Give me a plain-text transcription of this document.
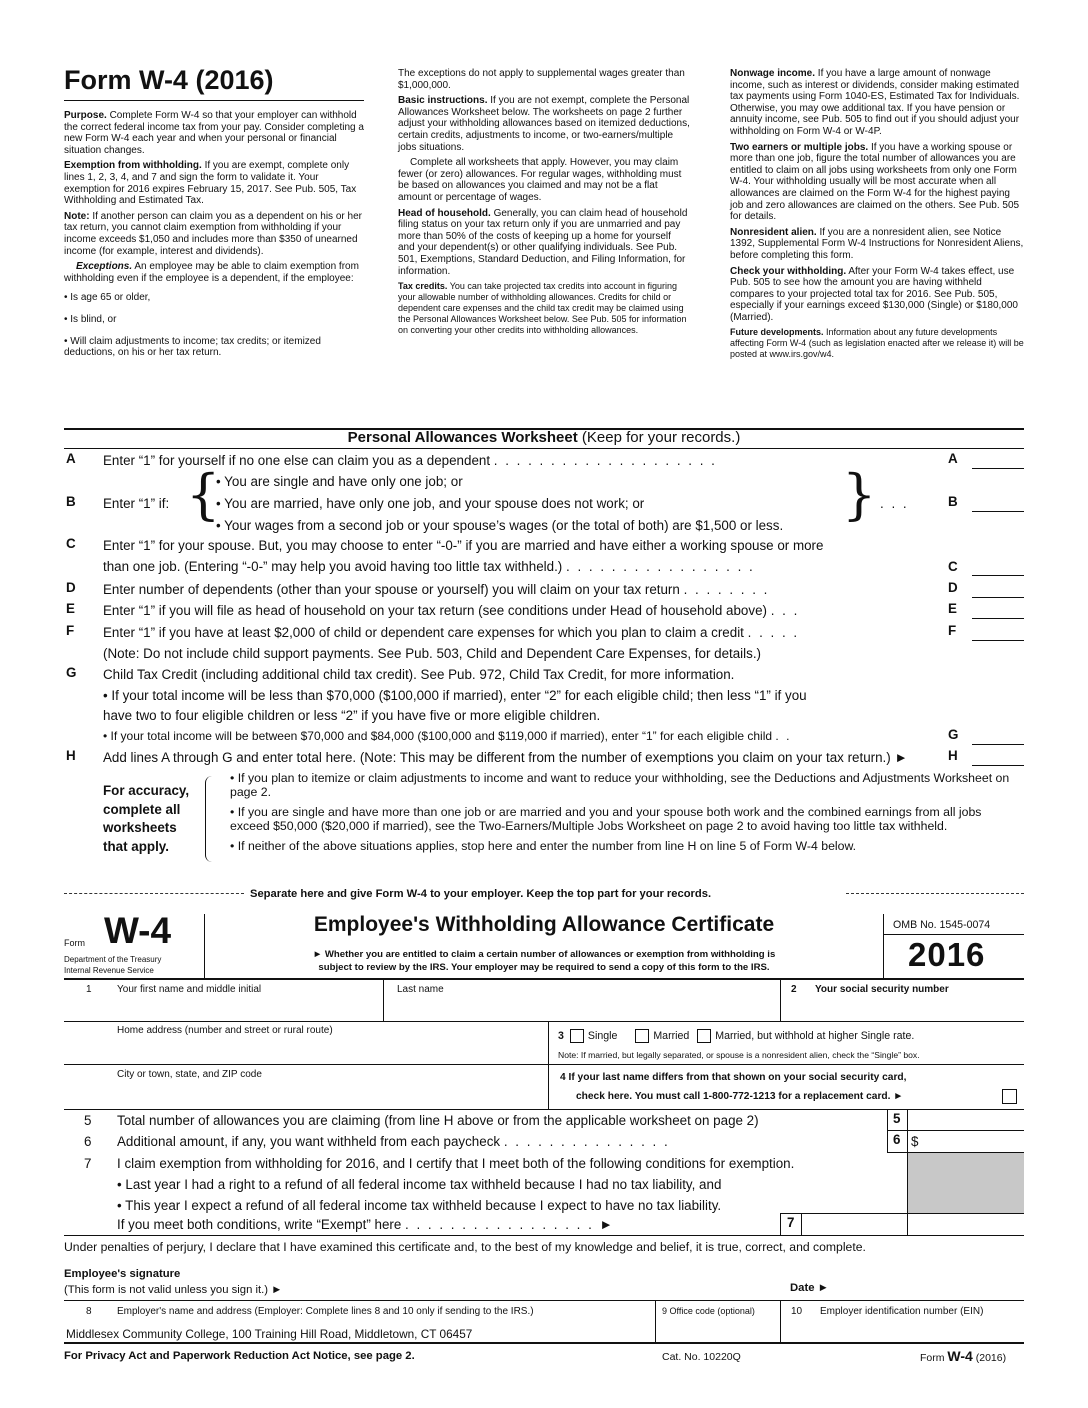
Form W-4 (2016)

Purpose. Complete Form W-4 so that your employer can withhold the correct federal income tax from your pay. Consider completing a new Form W-4 each year and when your personal or financial situation changes.

Exemption from withholding. If you are exempt, complete only lines 1, 2, 3, 4, and 7 and sign the form to validate it. Your exemption for 2016 expires February 15, 2017. See Pub. 505, Tax Withholding and Estimated Tax.

Note: If another person can claim you as a dependent on his or her tax return, you cannot claim exemption from withholding if your income exceeds $1,050 and includes more than $350 of unearned income (for example, interest and dividends).

Exceptions. An employee may be able to claim exemption from withholding even if the employee is a dependent, if the employee:

• Is age 65 or older,

• Is blind, or

• Will claim adjustments to income; tax credits; or itemized deductions, on his or her tax return.

The exceptions do not apply to supplemental wages greater than $1,000,000.

Basic instructions. If you are not exempt, complete the Personal Allowances Worksheet below. The worksheets on page 2 further adjust your withholding allowances based on itemized deductions, certain credits, adjustments to income, or two-earners/multiple jobs situations.

Complete all worksheets that apply. However, you may claim fewer (or zero) allowances. For regular wages, withholding must be based on allowances you claimed and may not be a flat amount or percentage of wages.

Head of household. Generally, you can claim head of household filing status on your tax return only if you are unmarried and pay more than 50% of the costs of keeping up a home for yourself and your dependent(s) or other qualifying individuals. See Pub. 501, Exemptions, Standard Deduction, and Filing Information, for information.

Tax credits. You can take projected tax credits into account in figuring your allowable number of withholding allowances. Credits for child or dependent care expenses and the child tax credit may be claimed using the Personal Allowances Worksheet below. See Pub. 505 for information on converting your other credits into withholding allowances.

Nonwage income. If you have a large amount of nonwage income, such as interest or dividends, consider making estimated tax payments using Form 1040-ES, Estimated Tax for Individuals. Otherwise, you may owe additional tax. If you have pension or annuity income, see Pub. 505 to find out if you should adjust your withholding on Form W-4 or W-4P.

Two earners or multiple jobs. If you have a working spouse or more than one job, figure the total number of allowances you are entitled to claim on all jobs using worksheets from only one Form W-4. Your withholding usually will be most accurate when all allowances are claimed on the Form W-4 for the highest paying job and zero allowances are claimed on the others. See Pub. 505 for details.

Nonresident alien. If you are a nonresident alien, see Notice 1392, Supplemental Form W-4 Instructions for Nonresident Aliens, before completing this form.

Check your withholding. After your Form W-4 takes effect, use Pub. 505 to see how the amount you are having withheld compares to your projected total tax for 2016. See Pub. 505, especially if your earnings exceed $130,000 (Single) or $180,000 (Married).

Future developments. Information about any future developments affecting Form W-4 (such as legislation enacted after we release it) will be posted at www.irs.gov/w4.

Personal Allowances Worksheet (Keep for your records.)
A Enter “1” for yourself if no one else can claim you as a dependent . . . . . . . . . . . . . . . . . . . .	A
B Enter “1” if: {
• You are single and have only one job; or
• You are married, have only one job, and your spouse does not work; or
• Your wages from a second job or your spouse’s wages (or the total of both) are $1,500 or less. } . . .	B
C Enter “1” for your spouse. But, you may choose to enter “-0-” if you are married and have either a working spouse or more
than one job. (Entering “-0-” may help you avoid having too little tax withheld.) . . . . . . . . . . . . . . . . .	C
D Enter number of dependents (other than your spouse or yourself) you will claim on your tax return . . . . . . . .	D
E Enter “1” if you will file as head of household on your tax return (see conditions under Head of household above) . . .	E
F Enter “1” if you have at least $2,000 of child or dependent care expenses for which you plan to claim a credit . . . . .	F
(Note: Do not include child support payments. See Pub. 503, Child and Dependent Care Expenses, for details.)
G Child Tax Credit (including additional child tax credit). See Pub. 972, Child Tax Credit, for more information.
• If your total income will be less than $70,000 ($100,000 if married), enter “2” for each eligible child; then less “1” if you
have two to four eligible children or less “2” if you have five or more eligible children.
• If your total income will be between $70,000 and $84,000 ($100,000 and $119,000 if married), enter “1” for each eligible child . .	G
H Add lines A through G and enter total here. (Note: This may be different from the number of exemptions you claim on your tax return.) ►	H
For accuracy,
complete all
worksheets
that apply.
• If you plan to itemize or claim adjustments to income and want to reduce your withholding, see the Deductions and Adjustments Worksheet on page 2.
• If you are single and have more than one job or are married and you and your spouse both work and the combined earnings from all jobs exceed $50,000 ($20,000 if married), see the Two-Earners/Multiple Jobs Worksheet on page 2 to avoid having too little tax withheld.
• If neither of the above situations applies, stop here and enter the number from line H on line 5 of Form W-4 below.
Separate here and give Form W-4 to your employer. Keep the top part for your records.
Form W-4
Department of the Treasury
Internal Revenue Service
Employee's Withholding Allowance Certificate
► Whether you are entitled to claim a certain number of allowances or exemption from withholding is
subject to review by the IRS. Your employer may be required to send a copy of this form to the IRS.
OMB No. 1545-0074
2016
1	Your first name and middle initial	Last name	2 Your social security number
Home address (number and street or rural route)	3 Single	Married Married, but withhold at higher Single rate.
Note: If married, but legally separated, or spouse is a nonresident alien, check the “Single” box.
City or town, state, and ZIP code	4 If your last name differs from that shown on your social security card,
check here. You must call 1-800-772-1213 for a replacement card. ►
5 Total number of allowances you are claiming (from line H above or from the applicable worksheet on page 2)	5
6 Additional amount, if any, you want withheld from each paycheck . . . . . . . . . . . . . . .	6 $
7 I claim exemption from withholding for 2016, and I certify that I meet both of the following conditions for exemption.
• Last year I had a right to a refund of all federal income tax withheld because I had no tax liability, and
• This year I expect a refund of all federal income tax withheld because I expect to have no tax liability.
If you meet both conditions, write “Exempt” here . . . . . . . . . . . . . . . . . ►	7
Under penalties of perjury, I declare that I have examined this certificate and, to the best of my knowledge and belief, it is true, correct, and complete.
Employee's signature
(This form is not valid unless you sign it.) ►	Date ►
8	Employer's name and address (Employer: Complete lines 8 and 10 only if sending to the IRS.)
Middlesex Community College, 100 Training Hill Road, Middletown, CT 06457
9 Office code (optional)	10 Employer identification number (EIN)
For Privacy Act and Paperwork Reduction Act Notice, see page 2.	Cat. No. 10220Q	Form W-4 (2016)
